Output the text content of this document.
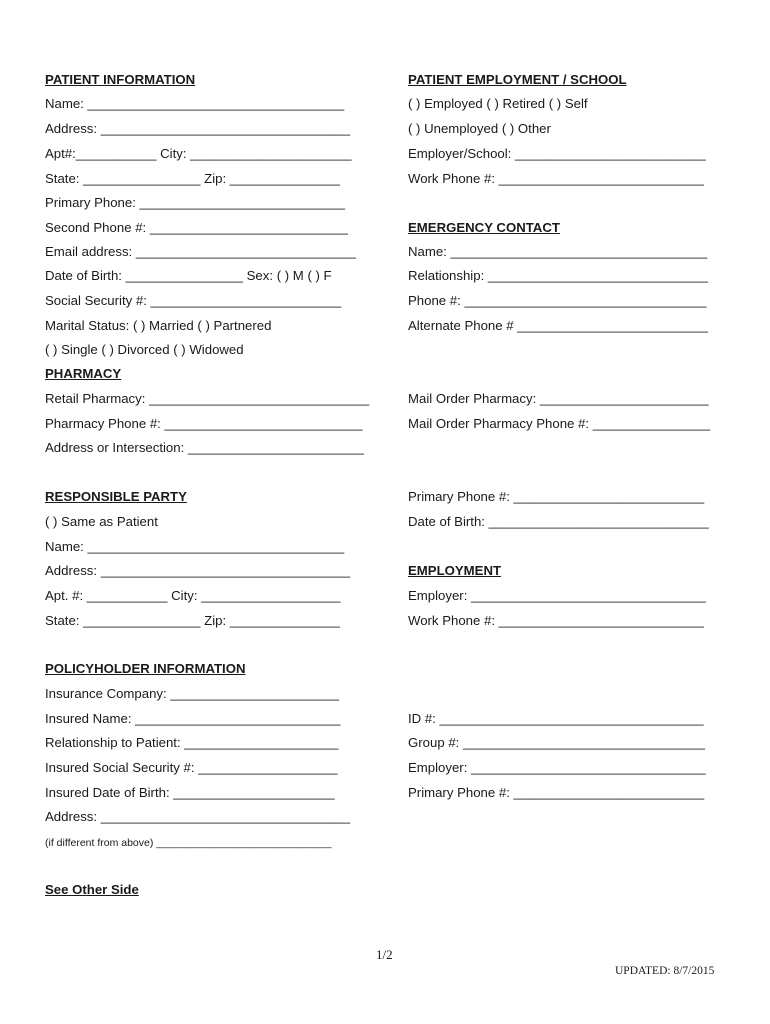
PATIENT INFORMATION
Name: ___________________________________
Address: __________________________________
Apt#:___________ City: ______________________
State: ________________ Zip: _______________
Primary Phone: ____________________________
Second Phone #: ___________________________
Email address: ______________________________
Date of Birth: ________________ Sex: ( ) M ( ) F
Social Security #: __________________________
Marital Status: ( ) Married ( ) Partnered
( ) Single ( ) Divorced ( ) Widowed
PATIENT EMPLOYMENT / SCHOOL
( ) Employed ( ) Retired ( ) Self
( ) Unemployed ( ) Other
Employer/School: __________________________
Work Phone #: ____________________________
EMERGENCY CONTACT
Name: ___________________________________
Relationship: ______________________________
Phone #: _________________________________
Alternate Phone # __________________________
PHARMACY
Retail Pharmacy: ______________________________
Pharmacy Phone #: ___________________________
Address or Intersection: ________________________
Mail Order Pharmacy: _______________________
Mail Order Pharmacy Phone #: ________________
RESPONSIBLE PARTY
( ) Same as Patient
Name: ___________________________________
Address: __________________________________
Apt. #: ___________ City: ___________________
State: ________________ Zip: _______________
Primary Phone #: __________________________
Date of Birth: ______________________________
EMPLOYMENT
Employer: ________________________________
Work Phone #: ____________________________
POLICYHOLDER INFORMATION
Insurance Company: _______________________
Insured Name: ____________________________
Relationship to Patient: _____________________
Insured Social Security #: ___________________
Insured Date of Birth: ______________________
Address: __________________________________
(if different from above) ______________________________
ID #: ____________________________________
Group #: _________________________________
Employer: ________________________________
Primary Phone #: __________________________
See Other Side
1/2
UPDATED: 8/7/2015
